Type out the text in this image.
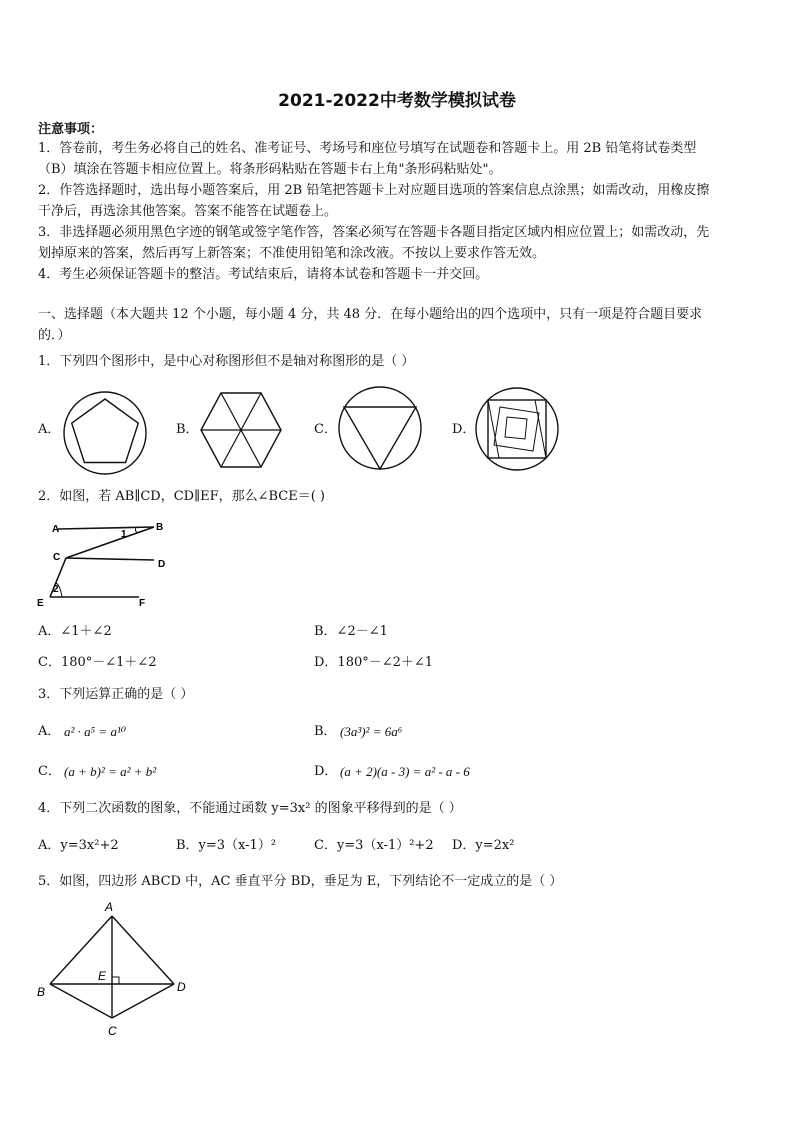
2021-2022中考数学模拟试卷
注意事项：
1．答卷前，考生务必将自己的姓名、准考证号、考场号和座位号填写在试题卷和答题卡上。用 2B 铅笔将试卷类型
（B）填涂在答题卡相应位置上。将条形码粘贴在答题卡右上角"条形码粘贴处"。
2．作答选择题时，选出每小题答案后，用 2B 铅笔把答题卡上对应题目选项的答案信息点涂黑；如需改动，用橡皮擦
干净后，再选涂其他答案。答案不能答在试题卷上。
3．非选择题必须用黑色字迹的钢笔或签字笔作答，答案必须写在答题卡各题目指定区域内相应位置上；如需改动，先
划掉原来的答案，然后再写上新答案；不准使用铅笔和涂改液。不按以上要求作答无效。
4．考生必须保证答题卡的整洁。考试结束后，请将本试卷和答题卡一并交回。
一、选择题（本大题共 12 个小题，每小题 4 分，共 48 分．在每小题给出的四个选项中，只有一项是符合题目要求
的．）
1．下列四个图形中，是中心对称图形但不是轴对称图形的是（ ）
A．	B．	C．	D．
2．如图，若 AB∥CD，CD∥EF，那么∠BCE＝( )
A	B
C
D
E	F
1
2
A．∠1＋∠2	B．∠2－∠1
C．180°－∠1＋∠2	D．180°－∠2＋∠1
3．下列运算正确的是（ ）
A． a² · a⁵ = a¹⁰	B． (3a³)² = 6a⁶
C． (a + b)² = a² + b²	D． (a + 2)(a - 3) = a² - a - 6
4．下列二次函数的图象，不能通过函数 y=3x² 的图象平移得到的是（ ）
A．y=3x²+2	B．y=3（x-1）²	C．y=3（x-1）²+2 D．y=2x²
5．如图，四边形 ABCD 中，AC 垂直平分 BD，垂足为 E，下列结论不一定成立的是（ ）
A
B	D
C
E
